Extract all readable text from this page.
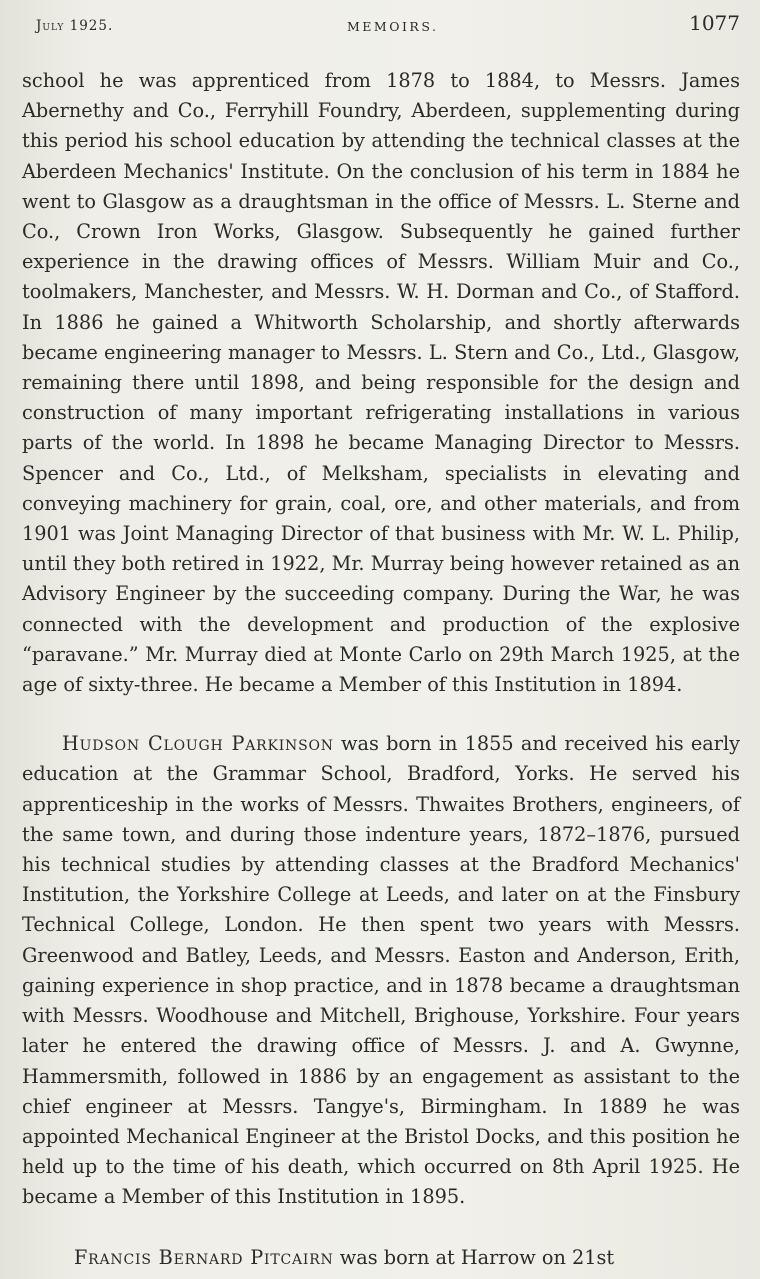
July 1925.	MEMOIRS.	1077

school he was apprenticed from 1878 to 1884, to Messrs. James Abernethy and Co., Ferryhill Foundry, Aberdeen, supplementing during this period his school education by attending the technical classes at the Aberdeen Mechanics' Institute. On the conclusion of his term in 1884 he went to Glasgow as a draughtsman in the office of Messrs. L. Sterne and Co., Crown Iron Works, Glasgow. Subsequently he gained further experience in the drawing offices of Messrs. William Muir and Co., toolmakers, Manchester, and Messrs. W. H. Dorman and Co., of Stafford. In 1886 he gained a Whitworth Scholarship, and shortly afterwards became engineering manager to Messrs. L. Stern and Co., Ltd., Glasgow, remaining there until 1898, and being responsible for the design and construction of many important refrigerating installations in various parts of the world. In 1898 he became Managing Director to Messrs. Spencer and Co., Ltd., of Melksham, specialists in elevating and conveying machinery for grain, coal, ore, and other materials, and from 1901 was Joint Managing Director of that business with Mr. W. L. Philip, until they both retired in 1922, Mr. Murray being however retained as an Advisory Engineer by the succeeding company. During the War, he was connected with the development and production of the explosive “paravane.” Mr. Murray died at Monte Carlo on 29th March 1925, at the age of sixty-three. He became a Member of this Institution in 1894.

Hudson Clough Parkinson was born in 1855 and received his early education at the Grammar School, Bradford, Yorks. He served his apprenticeship in the works of Messrs. Thwaites Brothers, engineers, of the same town, and during those indenture years, 1872–1876, pursued his technical studies by attending classes at the Bradford Mechanics' Institution, the Yorkshire College at Leeds, and later on at the Finsbury Technical College, London. He then spent two years with Messrs. Greenwood and Batley, Leeds, and Messrs. Easton and Anderson, Erith, gaining experience in shop practice, and in 1878 became a draughtsman with Messrs. Woodhouse and Mitchell, Brighouse, Yorkshire. Four years later he entered the drawing office of Messrs. J. and A. Gwynne, Hammersmith, followed in 1886 by an engagement as assistant to the chief engineer at Messrs. Tangye's, Birmingham. In 1889 he was appointed Mechanical Engineer at the Bristol Docks, and this position he held up to the time of his death, which occurred on 8th April 1925. He became a Member of this Institution in 1895.

Francis Bernard Pitcairn was born at Harrow on 21st
